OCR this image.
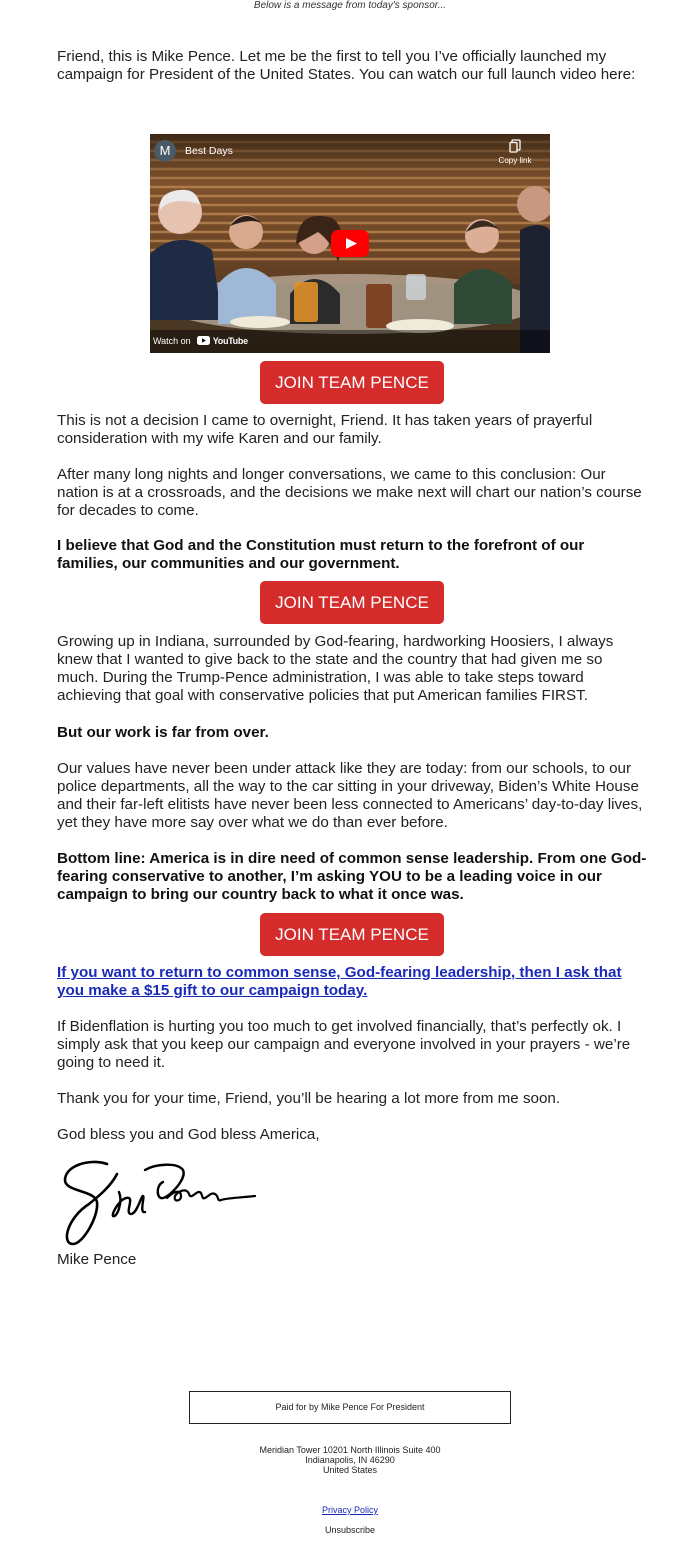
Below is a message from today's sponsor...

Friend, this is Mike Pence. Let me be the first to tell you I’ve officially launched my campaign for President of the United States. You can watch our full launch video here:

M	Best Days
Copy link
Watch on YouTube
JOIN TEAM PENCE

This is not a decision I came to overnight, Friend. It has taken years of prayerful consideration with my wife Karen and our family.

After many long nights and longer conversations, we came to this conclusion: Our nation is at a crossroads, and the decisions we make next will chart our nation’s course for decades to come.

I believe that God and the Constitution must return to the forefront of our families, our communities and our government.

JOIN TEAM PENCE

Growing up in Indiana, surrounded by God-fearing, hardworking Hoosiers, I always knew that I wanted to give back to the state and the country that had given me so much. During the Trump-Pence administration, I was able to take steps toward achieving that goal with conservative policies that put American families FIRST.

But our work is far from over.

Our values have never been under attack like they are today: from our schools, to our police departments, all the way to the car sitting in your driveway, Biden’s White House and their far-left elitists have never been less connected to Americans’ day-to-day lives, yet they have more say over what we do than ever before.

Bottom line: America is in dire need of common sense leadership. From one God-fearing conservative to another, I’m asking YOU to be a leading voice in our campaign to bring our country back to what it once was.

JOIN TEAM PENCE

If you want to return to common sense, God-fearing leadership, then I ask that you make a $15 gift to our campaign today.

If Bidenflation is hurting you too much to get involved financially, that’s perfectly ok. I simply ask that you keep our campaign and everyone involved in your prayers - we’re going to need it.

Thank you for your time, Friend, you’ll be hearing a lot more from me soon.

God bless you and God bless America,

Mike Pence

Paid for by Mike Pence For President
Meridian Tower 10201 North Illinois Suite 400
Indianapolis, IN 46290
United States
Privacy Policy
Unsubscribe
